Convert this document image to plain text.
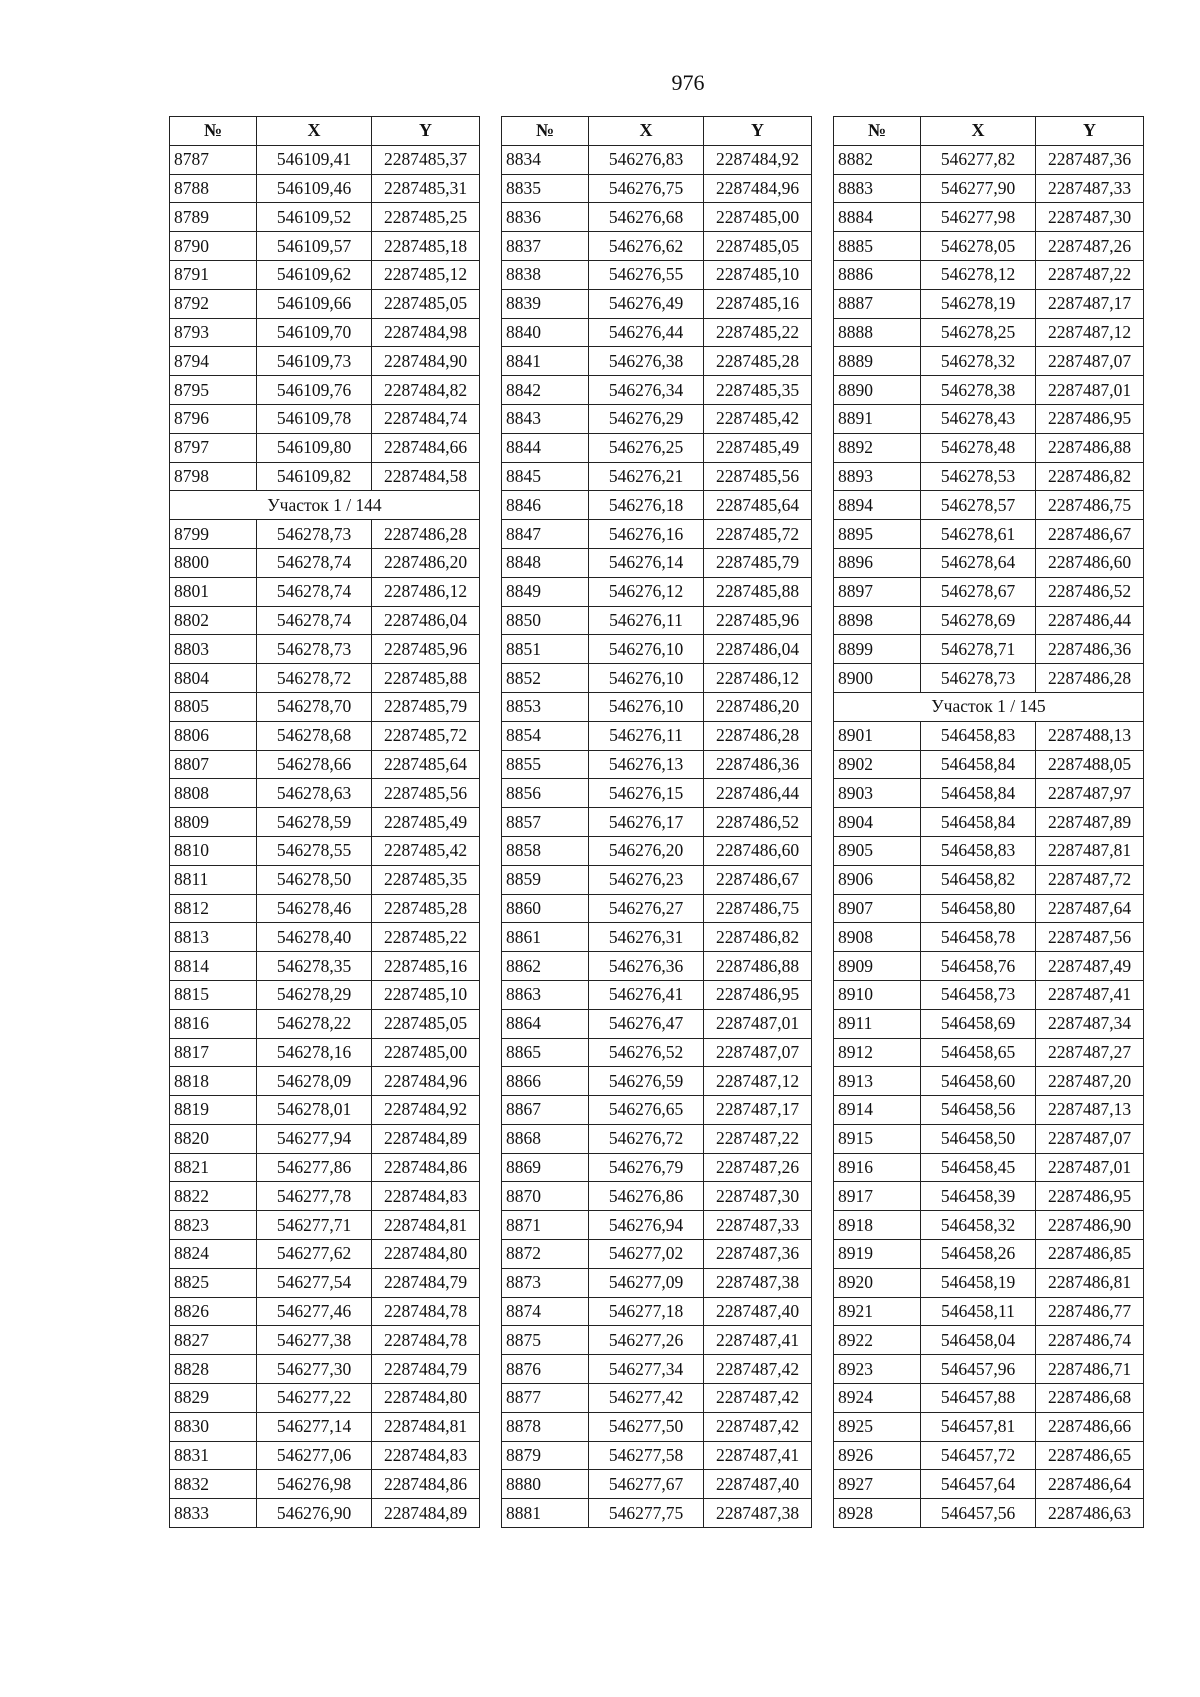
976
№	X	Y
8787	546109,41	2287485,37
8788	546109,46	2287485,31
8789	546109,52	2287485,25
8790	546109,57	2287485,18
8791	546109,62	2287485,12
8792	546109,66	2287485,05
8793	546109,70	2287484,98
8794	546109,73	2287484,90
8795	546109,76	2287484,82
8796	546109,78	2287484,74
8797	546109,80	2287484,66
8798	546109,82	2287484,58
Участок 1 / 144		
8799	546278,73	2287486,28
8800	546278,74	2287486,20
8801	546278,74	2287486,12
8802	546278,74	2287486,04
8803	546278,73	2287485,96
8804	546278,72	2287485,88
8805	546278,70	2287485,79
8806	546278,68	2287485,72
8807	546278,66	2287485,64
8808	546278,63	2287485,56
8809	546278,59	2287485,49
8810	546278,55	2287485,42
8811	546278,50	2287485,35
8812	546278,46	2287485,28
8813	546278,40	2287485,22
8814	546278,35	2287485,16
8815	546278,29	2287485,10
8816	546278,22	2287485,05
8817	546278,16	2287485,00
8818	546278,09	2287484,96
8819	546278,01	2287484,92
8820	546277,94	2287484,89
8821	546277,86	2287484,86
8822	546277,78	2287484,83
8823	546277,71	2287484,81
8824	546277,62	2287484,80
8825	546277,54	2287484,79
8826	546277,46	2287484,78
8827	546277,38	2287484,78
8828	546277,30	2287484,79
8829	546277,22	2287484,80
8830	546277,14	2287484,81
8831	546277,06	2287484,83
8832	546276,98	2287484,86
8833	546276,90	2287484,89
№	X	Y
8834	546276,83	2287484,92
8835	546276,75	2287484,96
8836	546276,68	2287485,00
8837	546276,62	2287485,05
8838	546276,55	2287485,10
8839	546276,49	2287485,16
8840	546276,44	2287485,22
8841	546276,38	2287485,28
8842	546276,34	2287485,35
8843	546276,29	2287485,42
8844	546276,25	2287485,49
8845	546276,21	2287485,56
8846	546276,18	2287485,64
8847	546276,16	2287485,72
8848	546276,14	2287485,79
8849	546276,12	2287485,88
8850	546276,11	2287485,96
8851	546276,10	2287486,04
8852	546276,10	2287486,12
8853	546276,10	2287486,20
8854	546276,11	2287486,28
8855	546276,13	2287486,36
8856	546276,15	2287486,44
8857	546276,17	2287486,52
8858	546276,20	2287486,60
8859	546276,23	2287486,67
8860	546276,27	2287486,75
8861	546276,31	2287486,82
8862	546276,36	2287486,88
8863	546276,41	2287486,95
8864	546276,47	2287487,01
8865	546276,52	2287487,07
8866	546276,59	2287487,12
8867	546276,65	2287487,17
8868	546276,72	2287487,22
8869	546276,79	2287487,26
8870	546276,86	2287487,30
8871	546276,94	2287487,33
8872	546277,02	2287487,36
8873	546277,09	2287487,38
8874	546277,18	2287487,40
8875	546277,26	2287487,41
8876	546277,34	2287487,42
8877	546277,42	2287487,42
8878	546277,50	2287487,42
8879	546277,58	2287487,41
8880	546277,67	2287487,40
8881	546277,75	2287487,38
№	X	Y
8882	546277,82	2287487,36
8883	546277,90	2287487,33
8884	546277,98	2287487,30
8885	546278,05	2287487,26
8886	546278,12	2287487,22
8887	546278,19	2287487,17
8888	546278,25	2287487,12
8889	546278,32	2287487,07
8890	546278,38	2287487,01
8891	546278,43	2287486,95
8892	546278,48	2287486,88
8893	546278,53	2287486,82
8894	546278,57	2287486,75
8895	546278,61	2287486,67
8896	546278,64	2287486,60
8897	546278,67	2287486,52
8898	546278,69	2287486,44
8899	546278,71	2287486,36
8900	546278,73	2287486,28
Участок 1 / 145		
8901	546458,83	2287488,13
8902	546458,84	2287488,05
8903	546458,84	2287487,97
8904	546458,84	2287487,89
8905	546458,83	2287487,81
8906	546458,82	2287487,72
8907	546458,80	2287487,64
8908	546458,78	2287487,56
8909	546458,76	2287487,49
8910	546458,73	2287487,41
8911	546458,69	2287487,34
8912	546458,65	2287487,27
8913	546458,60	2287487,20
8914	546458,56	2287487,13
8915	546458,50	2287487,07
8916	546458,45	2287487,01
8917	546458,39	2287486,95
8918	546458,32	2287486,90
8919	546458,26	2287486,85
8920	546458,19	2287486,81
8921	546458,11	2287486,77
8922	546458,04	2287486,74
8923	546457,96	2287486,71
8924	546457,88	2287486,68
8925	546457,81	2287486,66
8926	546457,72	2287486,65
8927	546457,64	2287486,64
8928	546457,56	2287486,63
